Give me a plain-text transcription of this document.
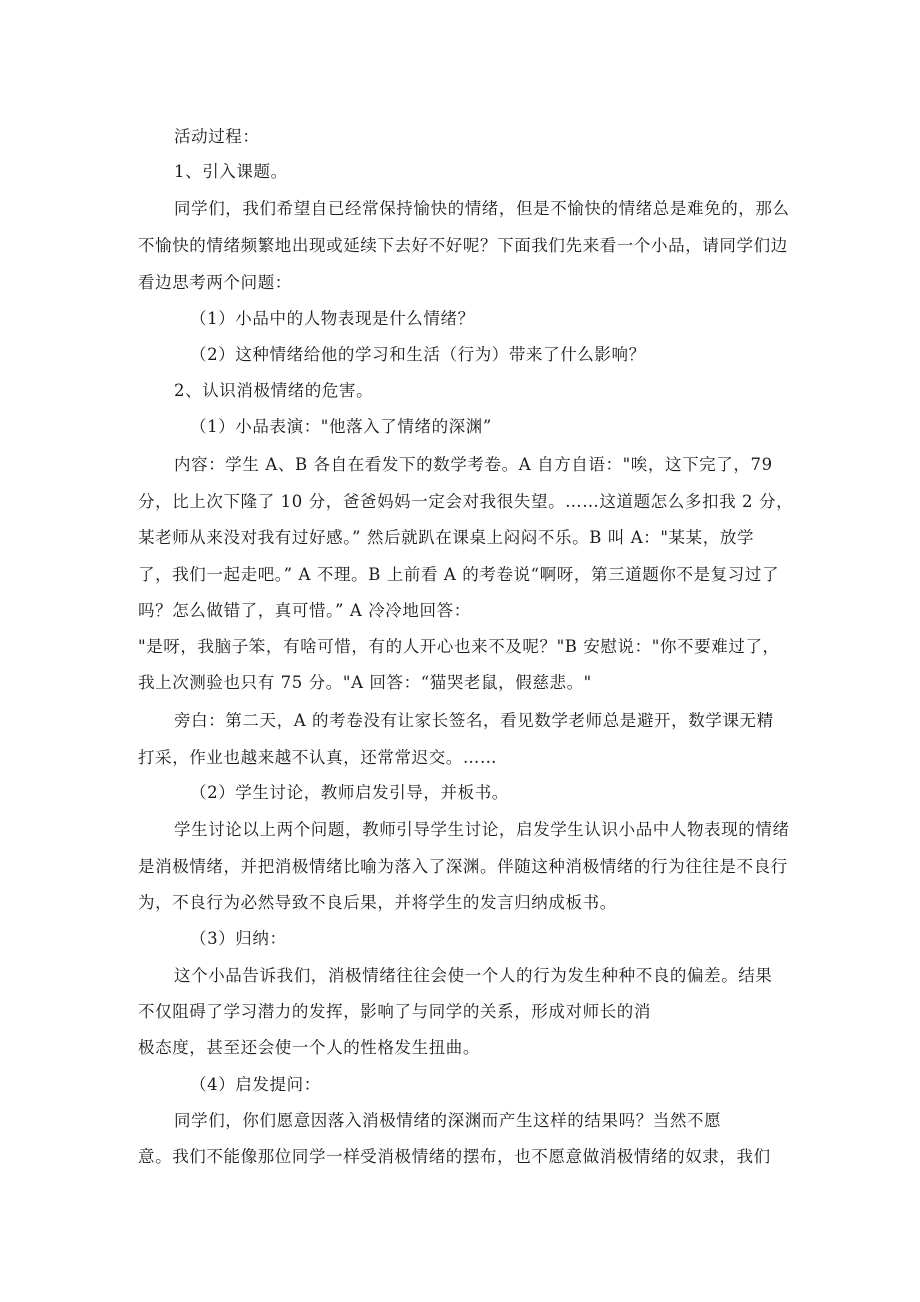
活动过程：
1、引入课题。
同学们，我们希望自已经常保持愉快的情绪，但是不愉快的情绪总是难免的，那么
不愉快的情绪频繁地出现或延续下去好不好呢？下面我们先来看一个小品，请同学们边
看边思考两个问题：
（1）小品中的人物表现是什么情绪？
（2）这种情绪给他的学习和生活（行为）带来了什么影响？
2、认识消极情绪的危害。
（1）小品表演："他落入了情绪的深渊”
内容：学生 A、B 各自在看发下的数学考卷。A 自方自语："唉，这下完了，79
分，比上次下隆了 10 分，爸爸妈妈一定会对我很失望。……这道题怎么多扣我 2 分，
某老师从来没对我有过好感。” 然后就趴在课桌上闷闷不乐。B 叫 A："某某，放学
了，我们一起走吧。” A 不理。B 上前看 A 的考卷说“啊呀，第三道题你不是复习过了
吗？怎么做错了，真可惜。” A 冷冷地回答：
"是呀，我脑子笨，有啥可惜，有的人开心也来不及呢？"B 安慰说："你不要难过了，
我上次测验也只有 75 分。"A 回答：“猫哭老鼠，假慈悲。"
旁白：第二天，A 的考卷没有让家长签名，看见数学老师总是避开，数学课无精
打采，作业也越来越不认真，还常常迟交。……
（2）学生讨论，教师启发引导，并板书。
学生讨论以上两个问题，教师引导学生讨论，启发学生认识小品中人物表现的情绪
是消极情绪，并把消极情绪比喻为落入了深渊。伴随这种消极情绪的行为往往是不良行
为，不良行为必然导致不良后果，并将学生的发言归纳成板书。
（3）归纳：
这个小品告诉我们，消极情绪往往会使一个人的行为发生种种不良的偏差。结果
不仅阻碍了学习潜力的发挥，影响了与同学的关系，形成对师长的消
极态度，甚至还会使一个人的性格发生扭曲。
（4）启发提问：
同学们，你们愿意因落入消极情绪的深渊而产生这样的结果吗？当然不愿
意。我们不能像那位同学一样受消极情绪的摆布，也不愿意做消极情绪的奴隶，我们
